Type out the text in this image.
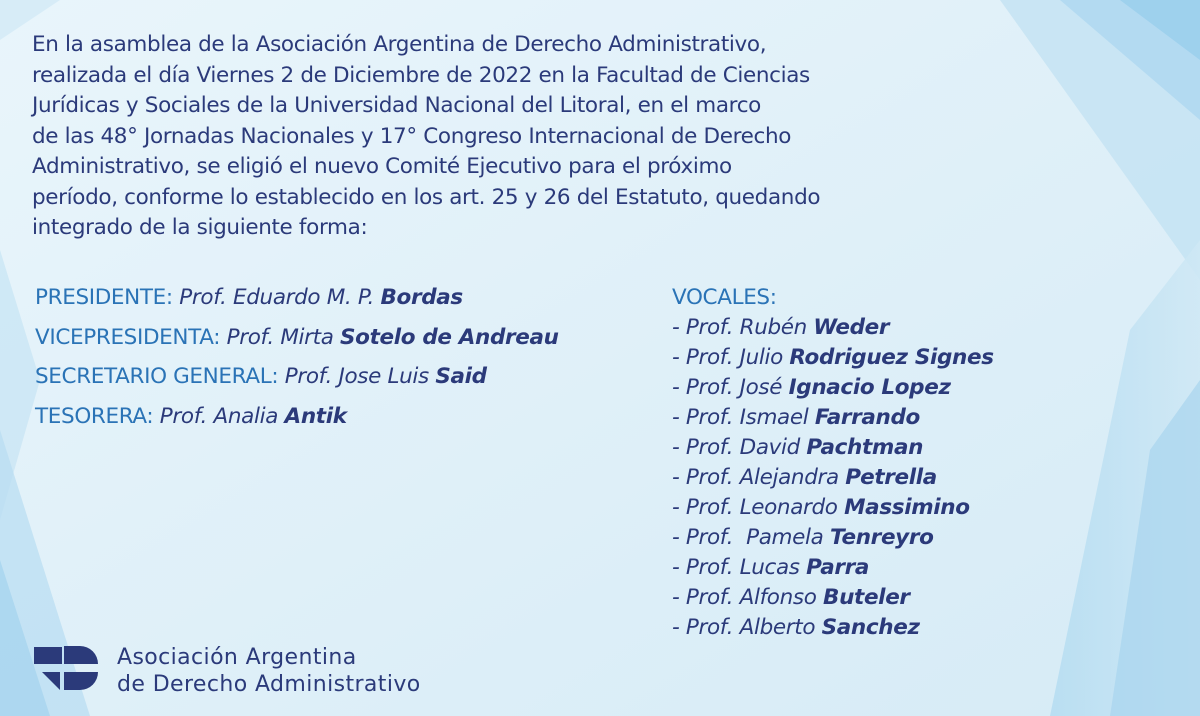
En la asamblea de la Asociación Argentina de Derecho Administrativo,
realizada el día Viernes 2 de Diciembre de 2022 en la Facultad de Ciencias
Jurídicas y Sociales de la Universidad Nacional del Litoral, en el marco
de las 48° Jornadas Nacionales y 17° Congreso Internacional de Derecho
Administrativo, se eligió el nuevo Comité Ejecutivo para el próximo
período, conforme lo establecido en los art. 25 y 26 del Estatuto, quedando
integrado de la siguiente forma:
PRESIDENTE: Prof. Eduardo M. P. Bordas
VICEPRESIDENTA: Prof. Mirta Sotelo de Andreau
SECRETARIO GENERAL: Prof. Jose Luis Said
TESORERA: Prof. Analia Antik
VOCALES:
- Prof. Rubén Weder
- Prof. Julio Rodriguez Signes
- Prof. José Ignacio Lopez
- Prof. Ismael Farrando
- Prof. David Pachtman
- Prof. Alejandra Petrella
- Prof. Leonardo Massimino
- Prof.  Pamela Tenreyro
- Prof. Lucas Parra
- Prof. Alfonso Buteler
- Prof. Alberto Sanchez
Asociación Argentina
de Derecho Administrativo
